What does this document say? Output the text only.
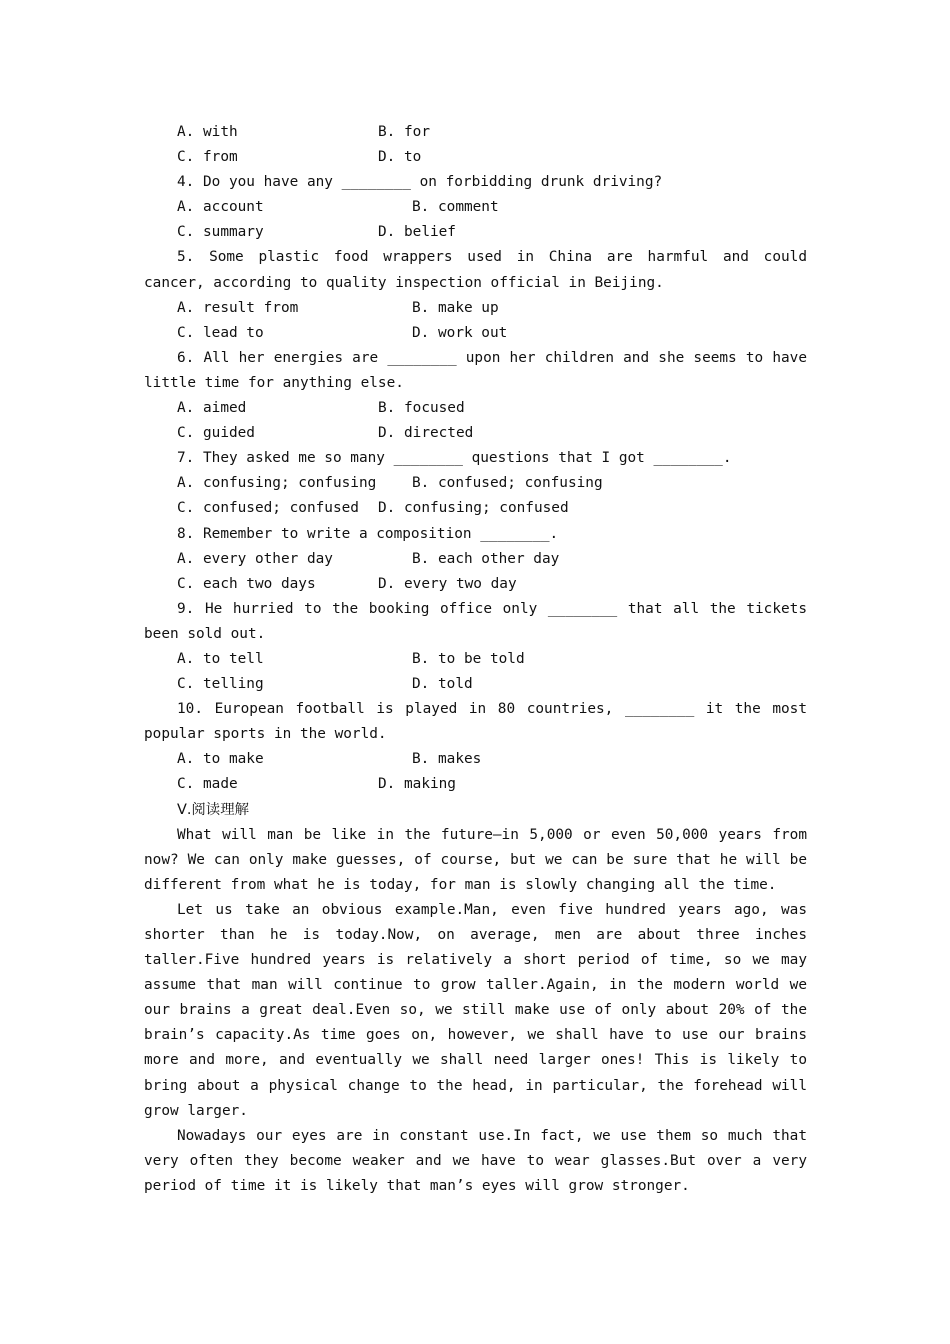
A. with	B. for
C. from	D. to
4. Do you have any ________ on forbidding drunk driving?
A. account	B. comment
C. summary	D. belief
5. Some plastic food wrappers used in China are harmful and could
cancer, according to quality inspection official in Beijing.
A. result from	B. make up
C. lead to	D. work out
6. All her energies are ________ upon her children and she seems to have
little time for anything else.
A. aimed	B. focused
C. guided	D. directed
7. They asked me so many ________ questions that I got ________.
A. confusing; confusing B. confused; confusing
C. confused; confused D. confusing; confused
8. Remember to write a composition ________.
A. every other day	B. each other day
C. each two days	D. every two day
9. He hurried to the booking office only ________ that all the tickets
been sold out.
A. to tell	B. to be told
C. telling	D. told
10. European football is played in 80 countries, ________ it the most
popular sports in the world.
A. to make	B. makes
C. made	D. making
Ⅴ.阅读理解
What will man be like in the future—in 5,000 or even 50,000 years from
now? We can only make guesses, of course, but we can be sure that he will be
different from what he is today, for man is slowly changing all the time.
Let us take an obvious example.Man, even five hundred years ago, was
shorter than he is today.Now, on average, men are about three inches
taller.Five hundred years is relatively a short period of time, so we may
assume that man will continue to grow taller.Again, in the modern world we
our brains a great deal.Even so, we still make use of only about 20% of the
brain’s capacity.As time goes on, however, we shall have to use our brains
more and more, and eventually we shall need larger ones! This is likely to
bring about a physical change to the head, in particular, the forehead will
grow larger.
Nowadays our eyes are in constant use.In fact, we use them so much that
very often they become weaker and we have to wear glasses.But over a very
period of time it is likely that man’s eyes will grow stronger.
